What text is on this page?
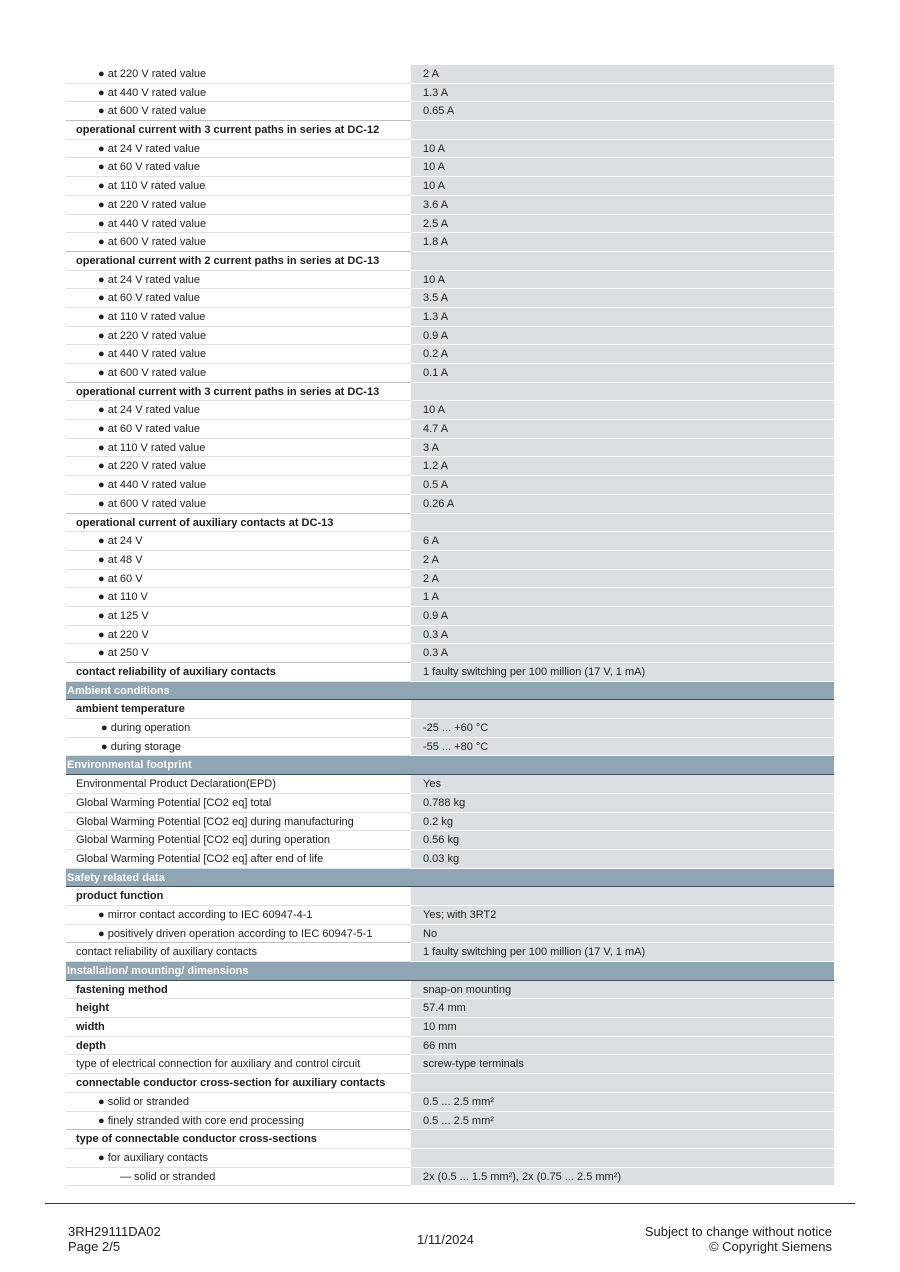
● at 220 V rated value	2 A
● at 440 V rated value	1.3 A
● at 600 V rated value	0.65 A
operational current with 3 current paths in series at DC-12
● at 24 V rated value	10 A
● at 60 V rated value	10 A
● at 110 V rated value	10 A
● at 220 V rated value	3.6 A
● at 440 V rated value	2.5 A
● at 600 V rated value	1.8 A
operational current with 2 current paths in series at DC-13
● at 24 V rated value	10 A
● at 60 V rated value	3.5 A
● at 110 V rated value	1.3 A
● at 220 V rated value	0.9 A
● at 440 V rated value	0.2 A
● at 600 V rated value	0.1 A
operational current with 3 current paths in series at DC-13
● at 24 V rated value	10 A
● at 60 V rated value	4.7 A
● at 110 V rated value	3 A
● at 220 V rated value	1.2 A
● at 440 V rated value	0.5 A
● at 600 V rated value	0.26 A
operational current of auxiliary contacts at DC-13
● at 24 V	6 A
● at 48 V	2 A
● at 60 V	2 A
● at 110 V	1 A
● at 125 V	0.9 A
● at 220 V	0.3 A
● at 250 V	0.3 A
contact reliability of auxiliary contacts	1 faulty switching per 100 million (17 V, 1 mA)
Ambient conditions
ambient temperature
● during operation	-25 ... +60 °C
● during storage	-55 ... +80 °C
Environmental footprint
Environmental Product Declaration(EPD)	Yes
Global Warming Potential [CO2 eq] total	0.788 kg
Global Warming Potential [CO2 eq] during manufacturing	0.2 kg
Global Warming Potential [CO2 eq] during operation	0.56 kg
Global Warming Potential [CO2 eq] after end of life	0.03 kg
Safety related data
product function
● mirror contact according to IEC 60947-4-1	Yes; with 3RT2
● positively driven operation according to IEC 60947-5-1	No
contact reliability of auxiliary contacts	1 faulty switching per 100 million (17 V, 1 mA)
Installation/ mounting/ dimensions
fastening method	snap-on mounting
height	57.4 mm
width	10 mm
depth	66 mm
type of electrical connection for auxiliary and control circuit	screw-type terminals
connectable conductor cross-section for auxiliary contacts
● solid or stranded	0.5 ... 2.5 mm²
● finely stranded with core end processing	0.5 ... 2.5 mm²
type of connectable conductor cross-sections
● for auxiliary contacts
— solid or stranded	2x (0.5 ... 1.5 mm²), 2x (0.75 ... 2.5 mm²)
3RH29111DA02
Page 2/5	1/11/2024
Subject to change without notice
© Copyright Siemens
